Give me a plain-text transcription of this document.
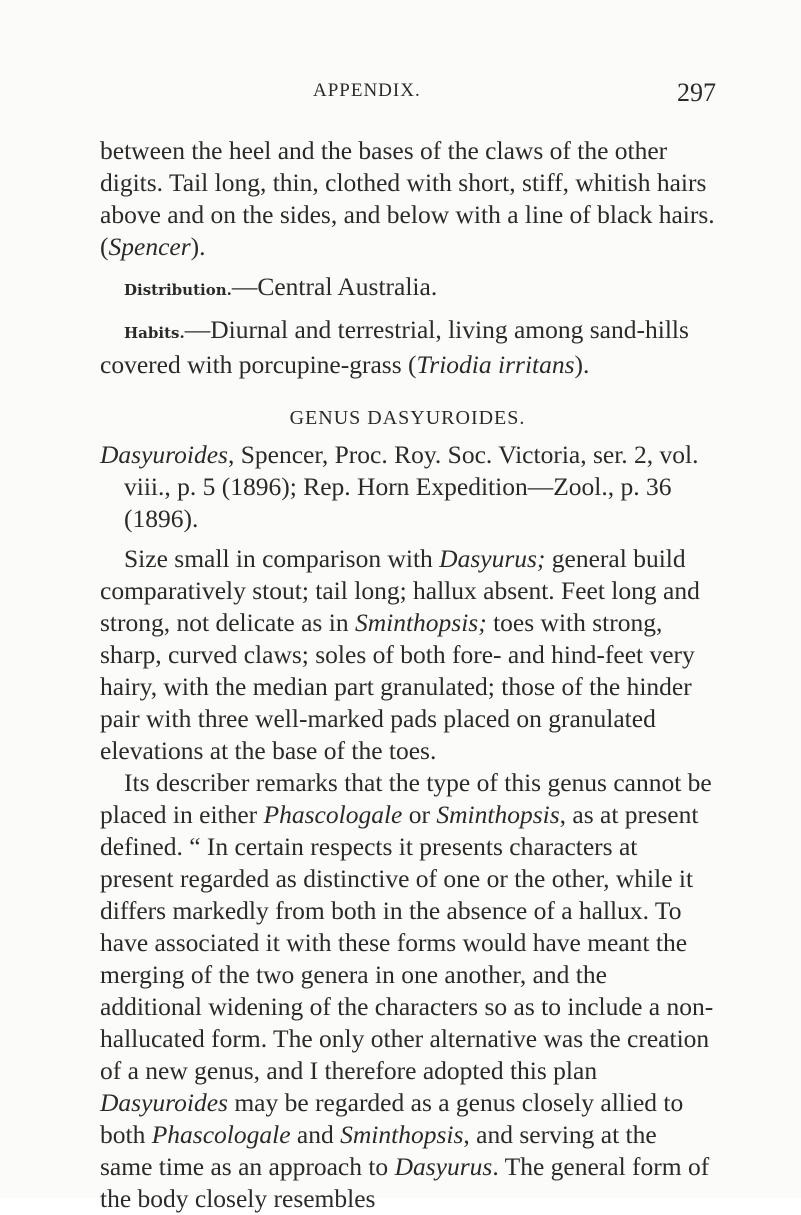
APPENDIX.	297

between the heel and the bases of the claws of the other digits. Tail long, thin, clothed with short, stiff, whitish hairs above and on the sides, and below with a line of black hairs. (Spencer).

Distribution.—Central Australia.

Habits.—Diurnal and terrestrial, living among sand-hills covered with porcupine-grass (Triodia irritans).

GENUS DASYUROIDES.

Dasyuroides, Spencer, Proc. Roy. Soc. Victoria, ser. 2, vol. viii., p. 5 (1896); Rep. Horn Expedition—Zool., p. 36 (1896).

Size small in comparison with Dasyurus; general build comparatively stout; tail long; hallux absent. Feet long and strong, not delicate as in Sminthopsis; toes with strong, sharp, curved claws; soles of both fore- and hind-feet very hairy, with the median part granulated; those of the hinder pair with three well-marked pads placed on granulated elevations at the base of the toes.

Its describer remarks that the type of this genus cannot be placed in either Phascologale or Sminthopsis, as at present defined. “ In certain respects it presents characters at present regarded as distinctive of one or the other, while it differs markedly from both in the absence of a hallux. To have associated it with these forms would have meant the merging of the two genera in one another, and the additional widening of the characters so as to include a non-hallucated form. The only other alternative was the creation of a new genus, and I therefore adopted this plan Dasyuroides may be regarded as a genus closely allied to both Phascologale and Sminthopsis, and serving at the same time as an approach to Dasyurus. The general form of the body closely resembles
